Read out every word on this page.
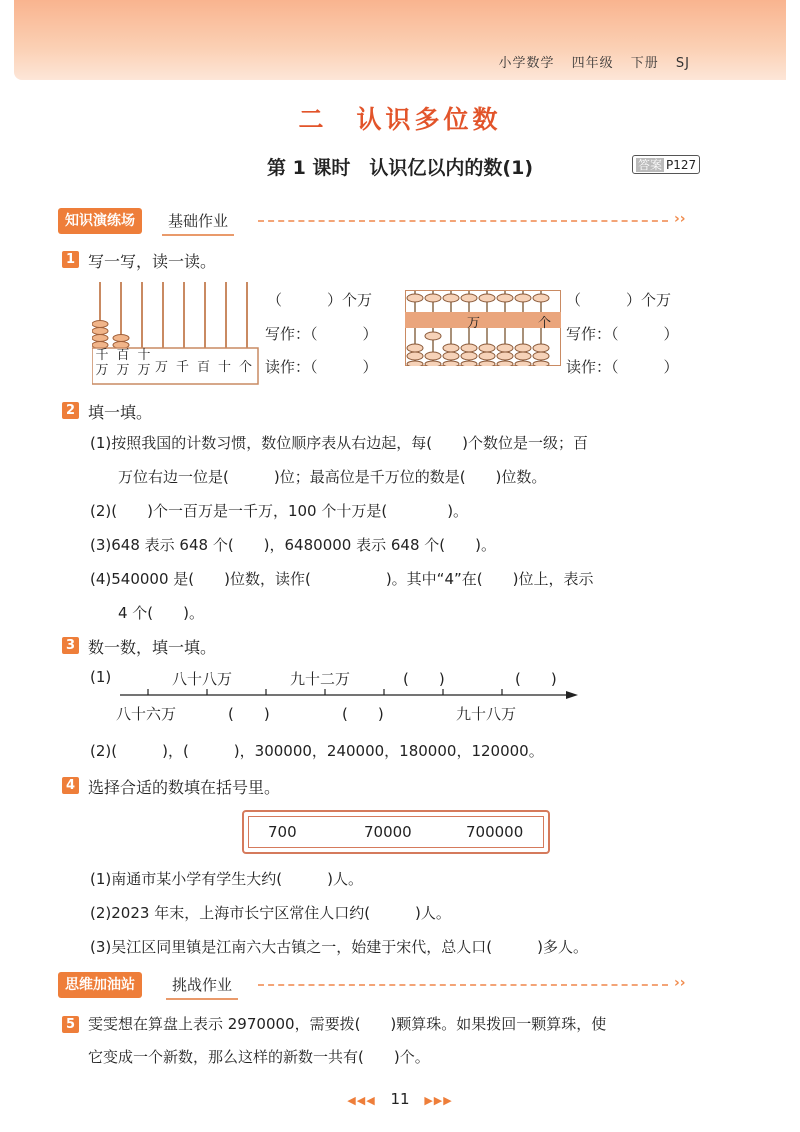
小学数学 四年级 下册 SJ
二　认识多位数
第 1 课时　认识亿以内的数(1)	答案 P127
知识演练场	基础作业	››
1 写一写，读一读。
千
万
百
万
十
万 万 千 百 十 个
（　　　）个万
写作：（　　　）
读作：（　　　）
万	个
（　　　）个万
写作：（　　　）
读作：（　　　）
2 填一填。
(1)按照我国的计数习惯，数位顺序表从右边起，每(　　)个数位是一级；百
万位右边一位是(　　　)位；最高位是千万位的数是(　　)位数。
(2)(　　)个一百万是一千万，100 个十万是(　　　　)。
(3)648 表示 648 个(　　)，6480000 表示 648 个(　　)。
(4)540000 是(　　)位数，读作(　　　　　)。其中“4”在(　　)位上，表示
4 个(　　)。
3 数一数，填一填。
(1)	八十八万	九十二万	(　　)	(　　)
八十六万	(　　)	(　　)	九十八万
(2)(　　　)，(　　　)，300000，240000，180000，120000。
4 选择合适的数填在括号里。
700	70000	700000
(1)南通市某小学有学生大约(　　　)人。
(2)2023 年末，上海市长宁区常住人口约(　　　)人。
(3)吴江区同里镇是江南六大古镇之一，始建于宋代，总人口(　　　)多人。
思维加油站	挑战作业	››
5 雯雯想在算盘上表示 2970000，需要拨(　　)颗算珠。如果拨回一颗算珠，使
它变成一个新数，那么这样的新数一共有(　　)个。
◀◀◀ 11 ▶▶▶
